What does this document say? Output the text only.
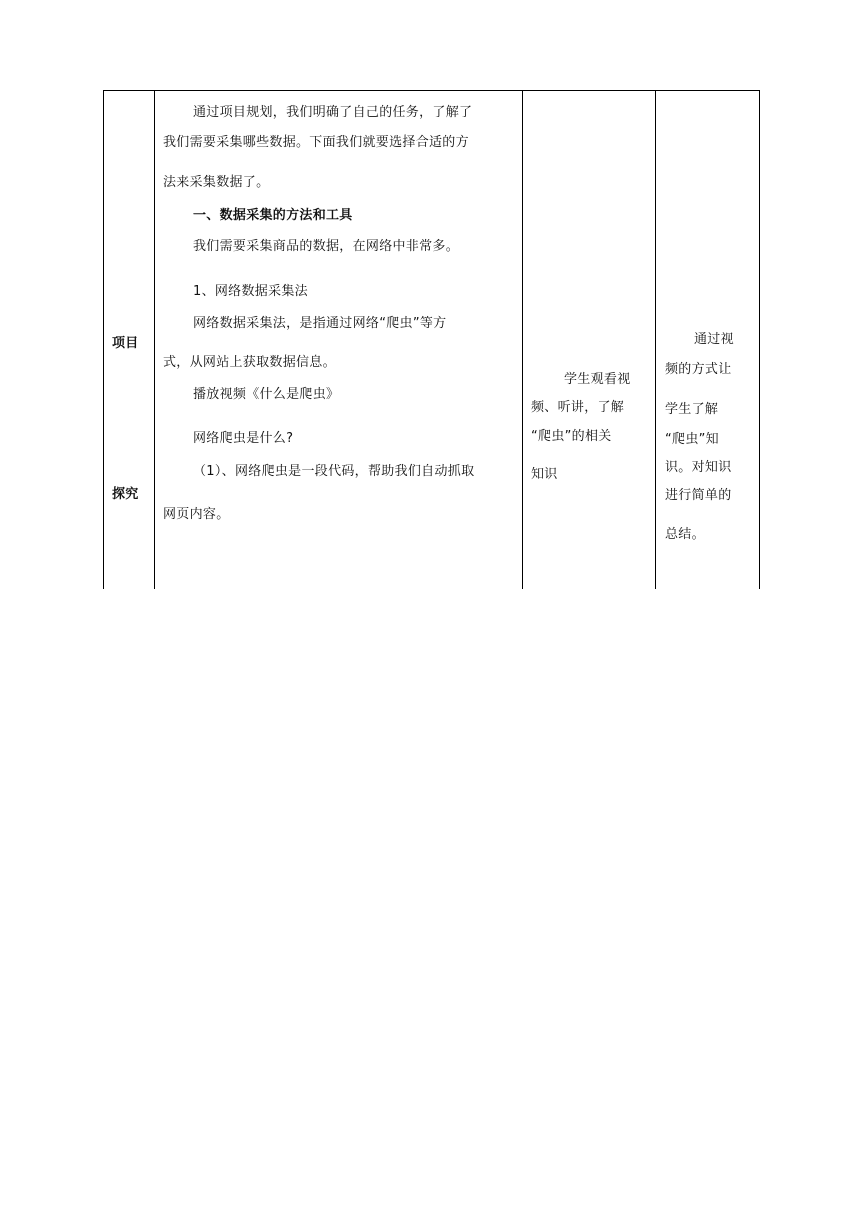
项目
探究
通过项目规划，我们明确了自己的任务，了解了
我们需要采集哪些数据。下面我们就要选择合适的方
法来采集数据了。
一、数据采集的方法和工具
我们需要采集商品的数据，在网络中非常多。
1、网络数据采集法
网络数据采集法，是指通过网络“爬虫”等方
式，从网站上获取数据信息。
播放视频《什么是爬虫》
网络爬虫是什么?
（1）、网络爬虫是一段代码，帮助我们自动抓取
网页内容。
学生观看视
频、听讲，了解
“爬虫”的相关
知识
通过视
频的方式让
学生了解
“爬虫”知
识。对知识
进行简单的
总结。
